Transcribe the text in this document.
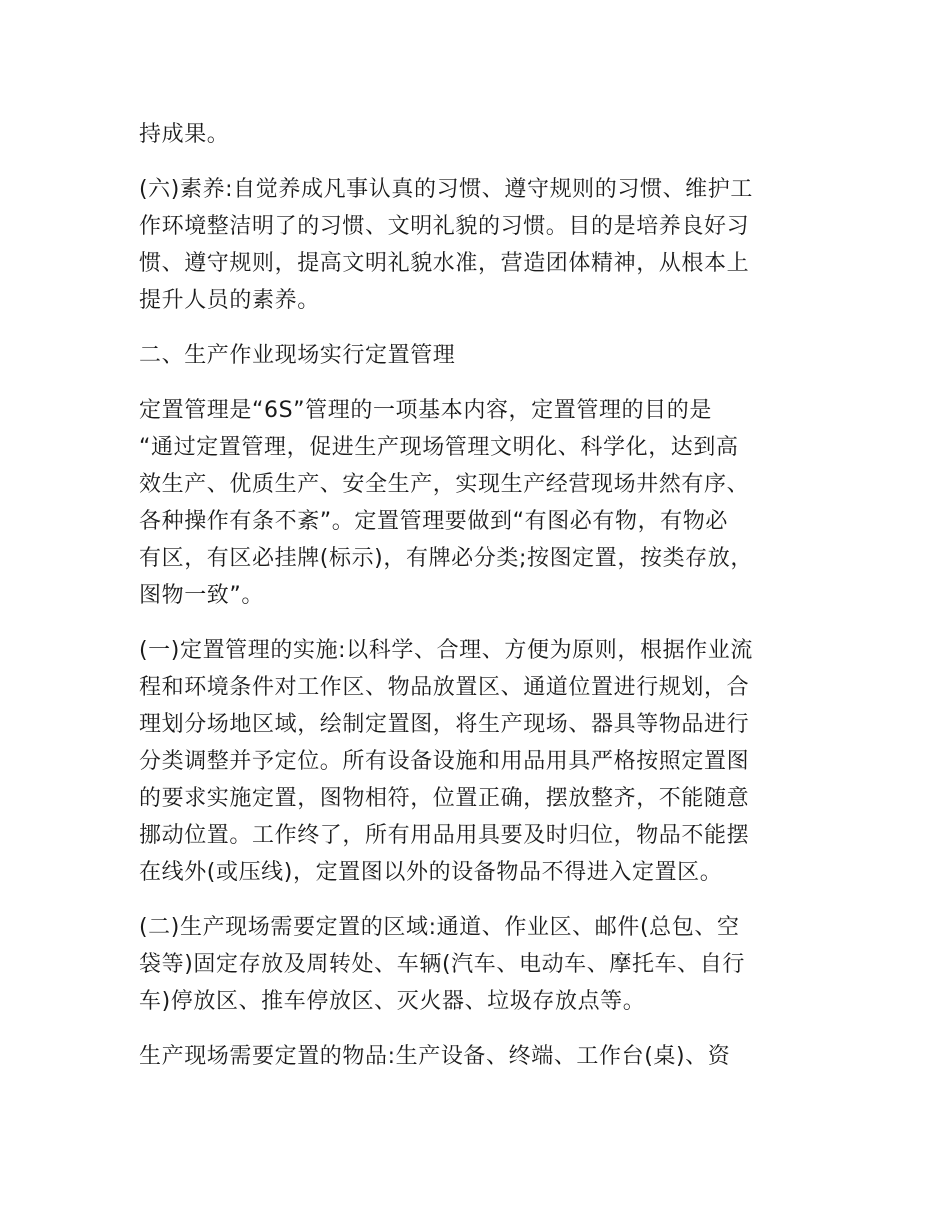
持成果。

(六)素养:自觉养成凡事认真的习惯、遵守规则的习惯、维护工
作环境整洁明了的习惯、文明礼貌的习惯。目的是培养良好习
惯、遵守规则，提高文明礼貌水准，营造团体精神，从根本上
提升人员的素养。

二、生产作业现场实行定置管理

定置管理是“6S”管理的一项基本内容，定置管理的目的是
“通过定置管理，促进生产现场管理文明化、科学化，达到高
效生产、优质生产、安全生产，实现生产经营现场井然有序、
各种操作有条不紊”。定置管理要做到“有图必有物，有物必
有区，有区必挂牌(标示)，有牌必分类;按图定置，按类存放，
图物一致”。

(一)定置管理的实施:以科学、合理、方便为原则，根据作业流
程和环境条件对工作区、物品放置区、通道位置进行规划，合
理划分场地区域，绘制定置图，将生产现场、器具等物品进行
分类调整并予定位。所有设备设施和用品用具严格按照定置图
的要求实施定置，图物相符，位置正确，摆放整齐，不能随意
挪动位置。工作终了，所有用品用具要及时归位，物品不能摆
在线外(或压线)，定置图以外的设备物品不得进入定置区。

(二)生产现场需要定置的区域:通道、作业区、邮件(总包、空
袋等)固定存放及周转处、车辆(汽车、电动车、摩托车、自行
车)停放区、推车停放区、灭火器、垃圾存放点等。

生产现场需要定置的物品:生产设备、终端、工作台(桌)、资
